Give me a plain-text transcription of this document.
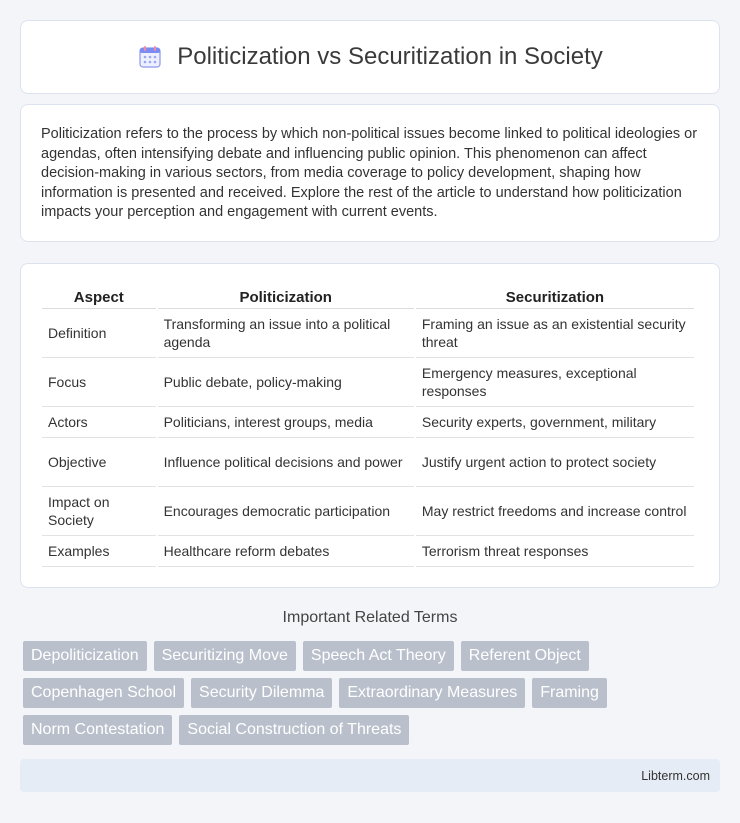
Politicization vs Securitization in Society

Politicization refers to the process by which non-political issues become linked to political ideologies or agendas, often intensifying debate and influencing public opinion. This phenomenon can affect decision-making in various sectors, from media coverage to policy development, shaping how information is presented and received. Explore the rest of the article to understand how politicization impacts your perception and engagement with current events.

Aspect	Politicization	Securitization
Definition	Transforming an issue into a political agenda	Framing an issue as an existential security threat
Focus	Public debate, policy-making	Emergency measures, exceptional responses
Actors	Politicians, interest groups, media	Security experts, government, military
Objective	Influence political decisions and power	Justify urgent action to protect society
Impact on Society	Encourages democratic participation	May restrict freedoms and increase control
Examples	Healthcare reform debates	Terrorism threat responses
Important Related Terms
Depoliticization	Securitizing Move	Speech Act Theory	Referent Object
Copenhagen School	Security Dilemma	Extraordinary Measures	Framing
Norm Contestation	Social Construction of Threats
Libterm.com
